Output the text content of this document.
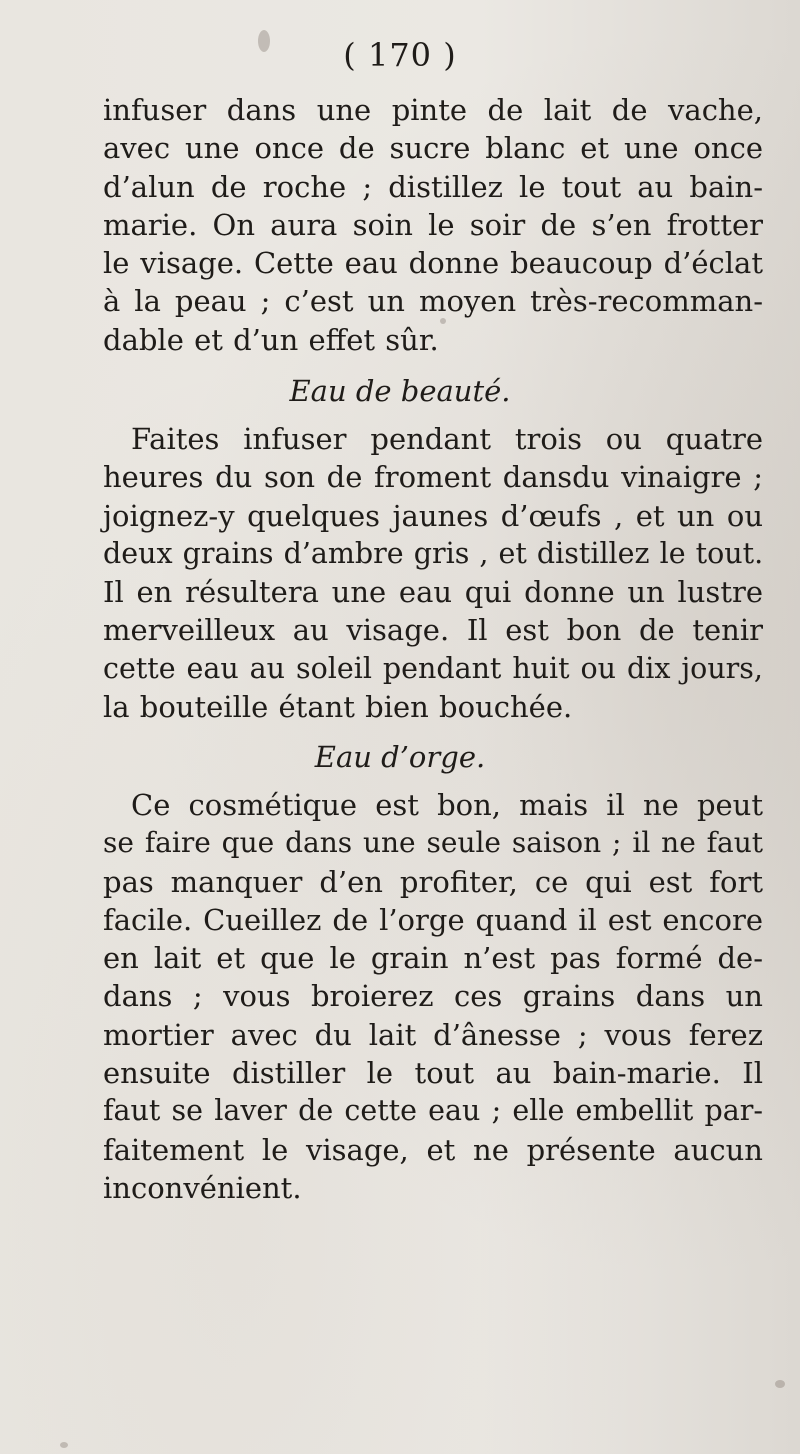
( 170 )
infuser dans une pinte de lait de vache,
avec une once de sucre blanc et une once
d’alun de roche ; distillez le tout au bain-
marie. On aura soin le soir de s’en frotter
le visage. Cette eau donne beaucoup d’éclat
à la peau ; c’est un moyen très-recomman-
dable et d’un effet sûr.
Eau de beauté.
Faites infuser pendant trois ou quatre
heures du son de froment dansdu vinaigre ;
joignez-y quelques jaunes d’œufs , et un ou
deux grains d’ambre gris , et distillez le tout.
Il en résultera une eau qui donne un lustre
merveilleux au visage. Il est bon de tenir
cette eau au soleil pendant huit ou dix jours,
la bouteille étant bien bouchée.
Eau d’orge.
Ce cosmétique est bon, mais il ne peut
se faire que dans une seule saison ; il ne faut
pas manquer d’en profiter, ce qui est fort
facile. Cueillez de l’orge quand il est encore
en lait et que le grain n’est pas formé de-
dans ; vous broierez ces grains dans un
mortier avec du lait d’ânesse ; vous ferez
ensuite distiller le tout au bain-marie. Il
faut se laver de cette eau ; elle embellit par-
faitement le visage, et ne présente aucun
inconvénient.
